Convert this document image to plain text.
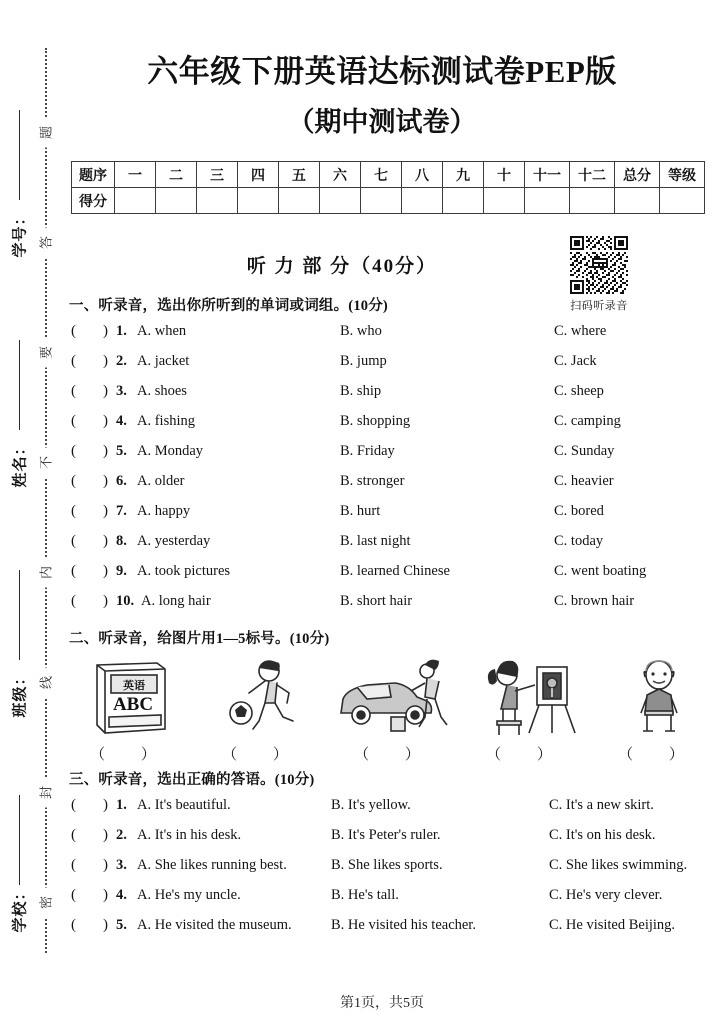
题
答
要
不
内
线
封
密
学号：
姓名：
班级：
学校：
六年级下册英语达标测试卷PEP版
（期中测试卷）
题序	一	二	三	四	五	六	七	八	九	十	十一	十二	总分	等级
得分														
听 力 部 分（40分）
扫码听录音
一、听录音，选出你所听到的单词或词组。(10分)
( ) 1. A. when	B. who	C. where
( ) 2. A. jacket	B. jump	C. Jack
( ) 3. A. shoes	B. ship	C. sheep
( ) 4. A. fishing	B. shopping	C. camping
( ) 5. A. Monday	B. Friday	C. Sunday
( ) 6. A. older	B. stronger	C. heavier
( ) 7. A. happy	B. hurt	C. bored
( ) 8. A. yesterday	B. last night	C. today
( ) 9. A. took pictures	B. learned Chinese	C. went boating
( ) 10. A. long hair	B. short hair	C. brown hair
二、听录音，给图片用1—5标号。(10分)
英语
ABC
（ ）	（ ）	（ ）	（ ）	（ ）
三、听录音，选出正确的答语。(10分)
( ) 1. A. It's beautiful.	B. It's yellow.	C. It's a new skirt.
( ) 2. A. It's in his desk.	B. It's Peter's ruler.	C. It's on his desk.
( ) 3. A. She likes running best.	B. She likes sports.	C. She likes swimming.
( ) 4. A. He's my uncle.	B. He's tall.	C. He's very clever.
( ) 5. A. He visited the museum.	B. He visited his teacher.	C. He visited Beijing.
第1页，共5页
